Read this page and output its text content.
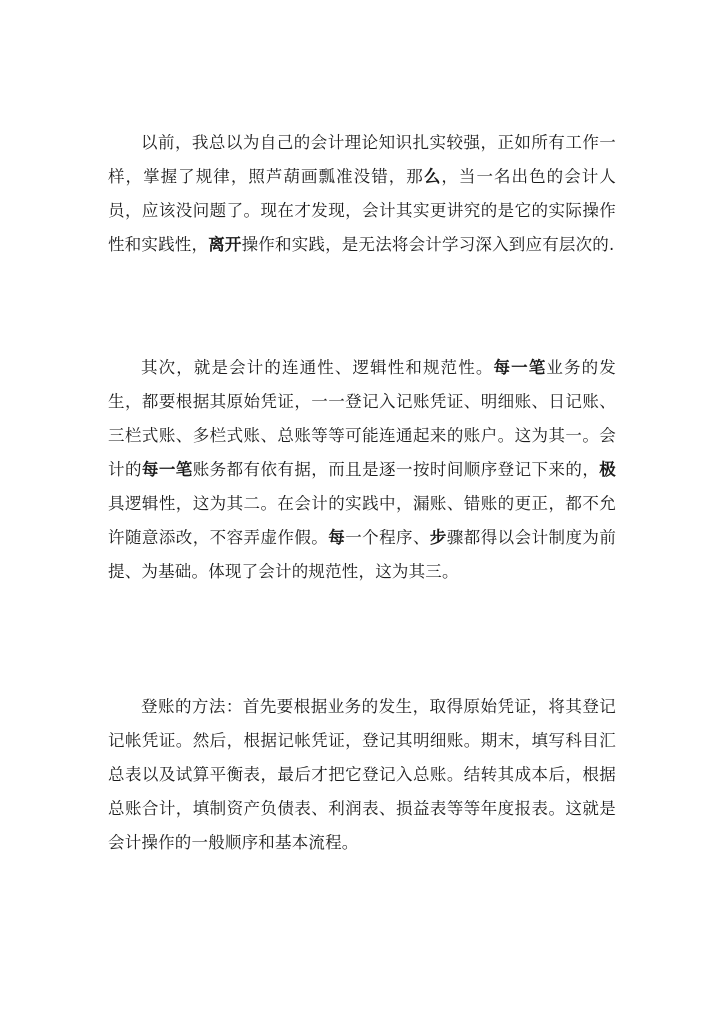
以前，我总以为自己的会计理论知识扎实较强，正如所有工作一样，掌握了规律，照芦葫画瓢准没错，那么，当一名出色的会计人员，应该没问题了。现在才发现，会计其实更讲究的是它的实际操作性和实践性，离开操作和实践，是无法将会计学习深入到应有层次的.

其次，就是会计的连通性、逻辑性和规范性。每一笔业务的发生，都要根据其原始凭证，一一登记入记账凭证、明细账、日记账、三栏式账、多栏式账、总账等等可能连通起来的账户。这为其一。会计的每一笔账务都有依有据，而且是逐一按时间顺序登记下来的，极具逻辑性，这为其二。在会计的实践中，漏账、错账的更正，都不允许随意添改，不容弄虚作假。每一个程序、步骤都得以会计制度为前提、为基础。体现了会计的规范性，这为其三。

登账的方法：首先要根据业务的发生，取得原始凭证，将其登记记帐凭证。然后，根据记帐凭证，登记其明细账。期末，填写科目汇总表以及试算平衡表，最后才把它登记入总账。结转其成本后，根据总账合计，填制资产负债表、利润表、损益表等等年度报表。这就是会计操作的一般顺序和基本流程。
